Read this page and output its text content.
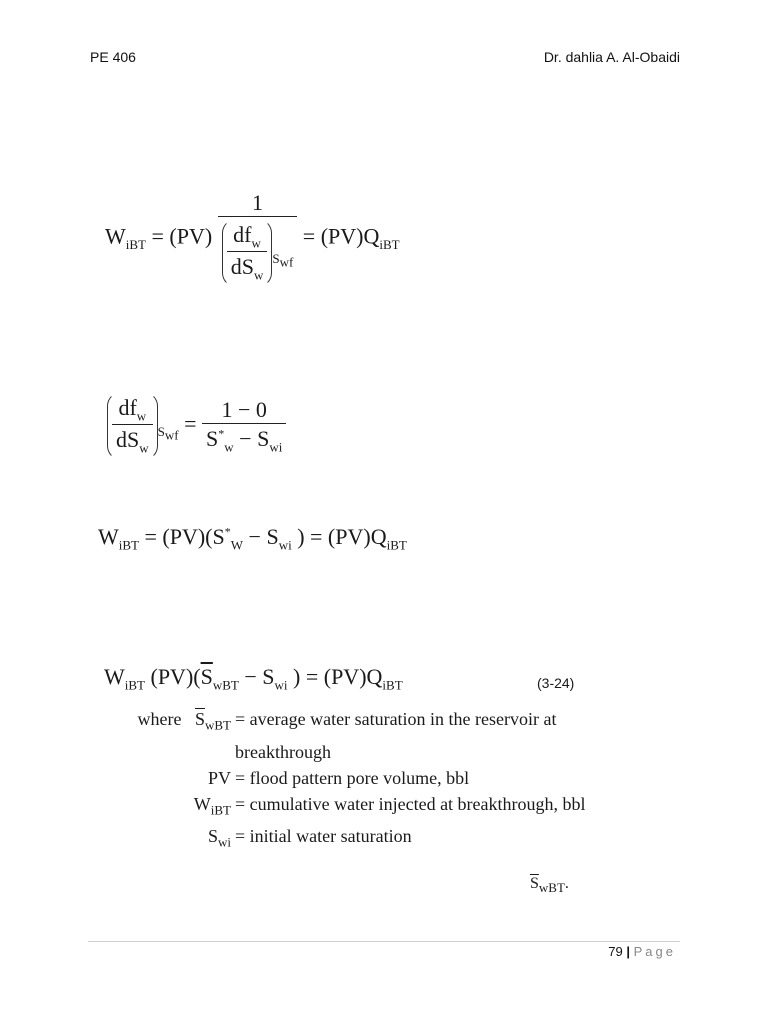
PE 406	Dr. dahlia A. Al-Obaidi
$W_{iBT} = (PV) \frac{1}{\frac{df_w}{dS_w} _{S_{wf}}} = (PV)Q_{iBT}$
$\frac{df_w}{dS_w} _{S_{wf}} = \frac{1 - 0}{S^*_w - S_{wi}}$
$W_{iBT} = (PV)(S^*_W - S_{wi}$ ) = $(PV)Q_{iBT}$
$W_{iBT}$ $(PV)(\overline{S}_{wBT} - S_{wi}$ ) = $(PV)Q_{iBT}$	(3-24)
where $\overline{S}_{wBT}$ = average water saturation in the reservoir at
breakthrough
PV = flood pattern pore volume, bbl
$W_{iBT}$ = cumulative water injected at breakthrough, bbl
$S_{wi}$ = initial water saturation
$\overline{S}_{wBT}$.
79 | Page
